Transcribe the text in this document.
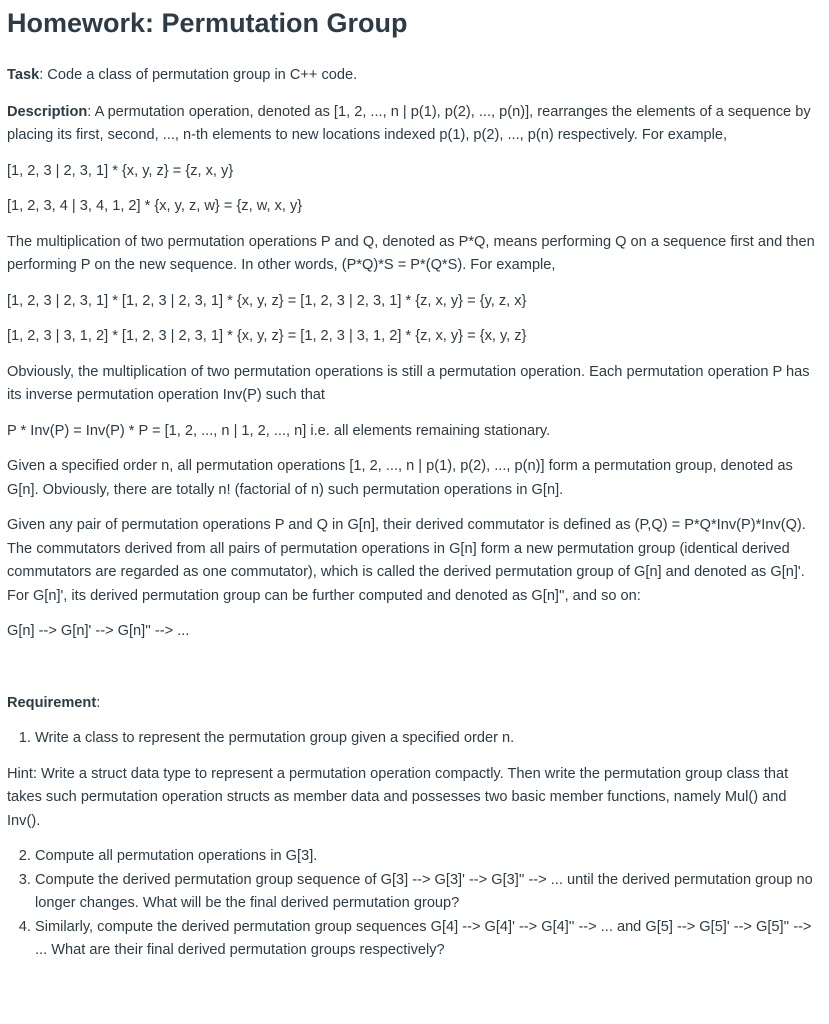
Homework: Permutation Group

Task: Code a class of permutation group in C++ code.

Description: A permutation operation, denoted as [1, 2, ..., n | p(1), p(2), ..., p(n)], rearranges the elements of a sequence by placing its first, second, ..., n-th elements to new locations indexed p(1), p(2), ..., p(n) respectively. For example,

[1, 2, 3 | 2, 3, 1] * {x, y, z} = {z, x, y}

[1, 2, 3, 4 | 3, 4, 1, 2] * {x, y, z, w} = {z, w, x, y}

The multiplication of two permutation operations P and Q, denoted as P*Q, means performing Q on a sequence first and then performing P on the new sequence. In other words, (P*Q)*S = P*(Q*S). For example,

[1, 2, 3 | 2, 3, 1] * [1, 2, 3 | 2, 3, 1] * {x, y, z} = [1, 2, 3 | 2, 3, 1] * {z, x, y} = {y, z, x}

[1, 2, 3 | 3, 1, 2] * [1, 2, 3 | 2, 3, 1] * {x, y, z} = [1, 2, 3 | 3, 1, 2] * {z, x, y} = {x, y, z}

Obviously, the multiplication of two permutation operations is still a permutation operation. Each permutation operation P has its inverse permutation operation Inv(P) such that

P * Inv(P) = Inv(P) * P = [1, 2, ..., n | 1, 2, ..., n] i.e. all elements remaining stationary.

Given a specified order n, all permutation operations [1, 2, ..., n | p(1), p(2), ..., p(n)] form a permutation group, denoted as G[n]. Obviously, there are totally n! (factorial of n) such permutation operations in G[n].

Given any pair of permutation operations P and Q in G[n], their derived commutator is defined as (P,Q) = P*Q*Inv(P)*Inv(Q). The commutators derived from all pairs of permutation operations in G[n] form a new permutation group (identical derived commutators are regarded as one commutator), which is called the derived permutation group of G[n] and denoted as G[n]'. For G[n]', its derived permutation group can be further computed and denoted as G[n]'', and so on:

G[n] --> G[n]' --> G[n]'' --> ...

Requirement:

1. Write a class to represent the permutation group given a specified order n.

Hint: Write a struct data type to represent a permutation operation compactly. Then write the permutation group class that takes such permutation operation structs as member data and possesses two basic member functions, namely Mul() and Inv().

2. Compute all permutation operations in G[3].
3. Compute the derived permutation group sequence of G[3] --> G[3]' --> G[3]'' --> ... until the derived permutation group no longer changes. What will be the final derived permutation group?
4. Similarly, compute the derived permutation group sequences G[4] --> G[4]' --> G[4]'' --> ... and G[5] --> G[5]' --> G[5]'' --> ... What are their final derived permutation groups respectively?
